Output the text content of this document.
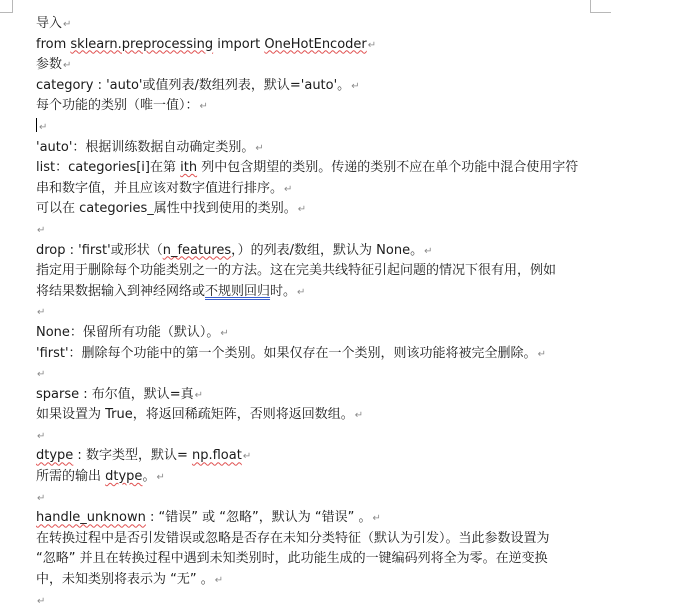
导入↵
from sklearn.preprocessing import OneHotEncoder↵
参数↵
category : 'auto'或值列表/数组列表，默认='auto'。↵
每个功能的类别（唯一值）：↵
↵
'auto'：根据训练数据自动确定类别。↵
list：categories[i]在第 ith 列中包含期望的类别。传递的类别不应在单个功能中混合使用字符
串和数字值，并且应该对数字值进行排序。↵
可以在 categories_属性中找到使用的类别。↵
↵
drop : 'first'或形状（n_features，）的列表/数组，默认为 None。↵
指定用于删除每个功能类别之一的方法。这在完美共线特征引起问题的情况下很有用，例如
将结果数据输入到神经网络或不规则回归时。↵
↵
None：保留所有功能（默认）。↵
'first'：删除每个功能中的第一个类别。如果仅存在一个类别，则该功能将被完全删除。↵
↵
sparse : 布尔值，默认=真↵
如果设置为 True，将返回稀疏矩阵，否则将返回数组。↵
↵
dtype : 数字类型，默认= np.float↵
所需的输出 dtype。↵
↵
handle_unknown : “错误” 或 “忽略”，默认为 “错误” 。↵
在转换过程中是否引发错误或忽略是否存在未知分类特征（默认为引发）。当此参数设置为
“忽略” 并且在转换过程中遇到未知类别时，此功能生成的一键编码列将全为零。在逆变换
中，未知类别将表示为 “无” 。↵
↵
